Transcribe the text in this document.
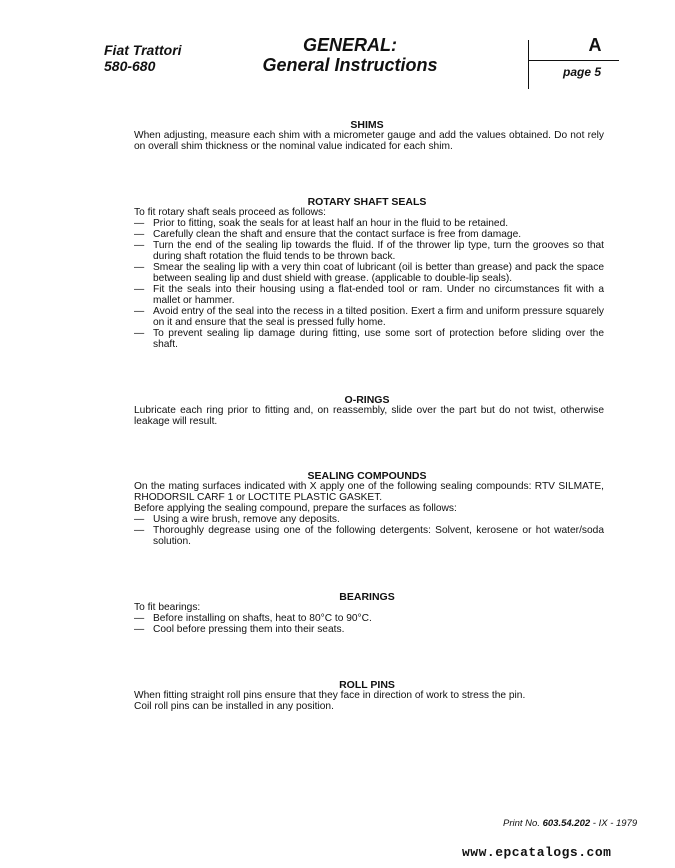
Fiat Trattori
580-680
GENERAL:
General Instructions
A
page 5
SHIMS
When adjusting, measure each shim with a micrometer gauge and add the values obtained. Do not rely on overall shim thickness or the nominal value indicated for each shim.
ROTARY SHAFT SEALS
To fit rotary shaft seals proceed as follows:
— Prior to fitting, soak the seals for at least half an hour in the fluid to be retained.
— Carefully clean the shaft and ensure that the contact surface is free from damage.
— Turn the end of the sealing lip towards the fluid. If of the thrower lip type, turn the grooves so that during shaft rotation the fluid tends to be thrown back.
— Smear the sealing lip with a very thin coat of lubricant (oil is better than grease) and pack the space between sealing lip and dust shield with grease. (applicable to double-lip seals).
— Fit the seals into their housing using a flat-ended tool or ram. Under no circumstances fit with a mallet or hammer.
— Avoid entry of the seal into the recess in a tilted position. Exert a firm and uniform pressure squarely on it and ensure that the seal is pressed fully home.
— To prevent sealing lip damage during fitting, use some sort of protection before sliding over the shaft.
O-RINGS
Lubricate each ring prior to fitting and, on reassembly, slide over the part but do not twist, otherwise leakage will result.
SEALING COMPOUNDS
On the mating surfaces indicated with X apply one of the following sealing compounds: RTV SILMATE, RHODORSIL CARF 1 or LOCTITE PLASTIC GASKET.
Before applying the sealing compound, prepare the surfaces as follows:
— Using a wire brush, remove any deposits.
— Thoroughly degrease using one of the following detergents: Solvent, kerosene or hot water/soda solution.
BEARINGS
To fit bearings:
— Before installing on shafts, heat to 80°C to 90°C.
— Cool before pressing them into their seats.
ROLL PINS
When fitting straight roll pins ensure that they face in direction of work to stress the pin.
Coil roll pins can be installed in any position.
Print No. 603.54.202 - IX - 1979
www.epcatalogs.com
